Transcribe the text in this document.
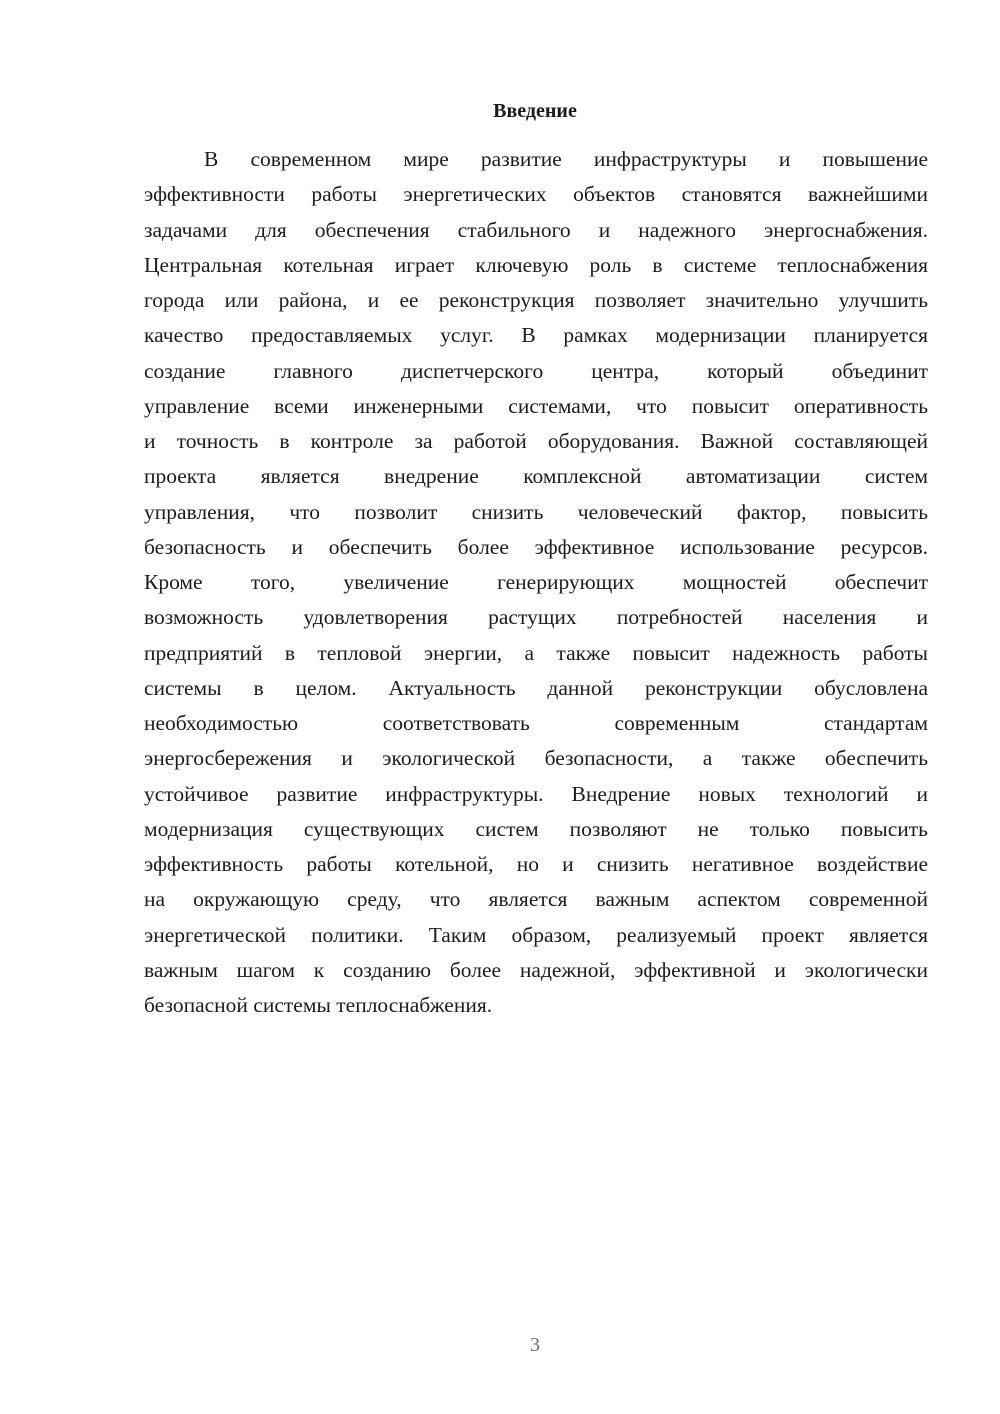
Введение
В современном мире развитие инфраструктуры и повышение
эффективности работы энергетических объектов становятся важнейшими
задачами для обеспечения стабильного и надежного энергоснабжения.
Центральная котельная играет ключевую роль в системе теплоснабжения
города или района, и ее реконструкция позволяет значительно улучшить
качество предоставляемых услуг. В рамках модернизации планируется
создание главного диспетчерского центра, который объединит
управление всеми инженерными системами, что повысит оперативность
и точность в контроле за работой оборудования. Важной составляющей
проекта является внедрение комплексной автоматизации систем
управления, что позволит снизить человеческий фактор, повысить
безопасность и обеспечить более эффективное использование ресурсов.
Кроме того, увеличение генерирующих мощностей обеспечит
возможность удовлетворения растущих потребностей населения и
предприятий в тепловой энергии, а также повысит надежность работы
системы в целом. Актуальность данной реконструкции обусловлена
необходимостью соответствовать современным стандартам
энергосбережения и экологической безопасности, а также обеспечить
устойчивое развитие инфраструктуры. Внедрение новых технологий и
модернизация существующих систем позволяют не только повысить
эффективность работы котельной, но и снизить негативное воздействие
на окружающую среду, что является важным аспектом современной
энергетической политики. Таким образом, реализуемый проект является
важным шагом к созданию более надежной, эффективной и экологически
безопасной системы теплоснабжения.
3
